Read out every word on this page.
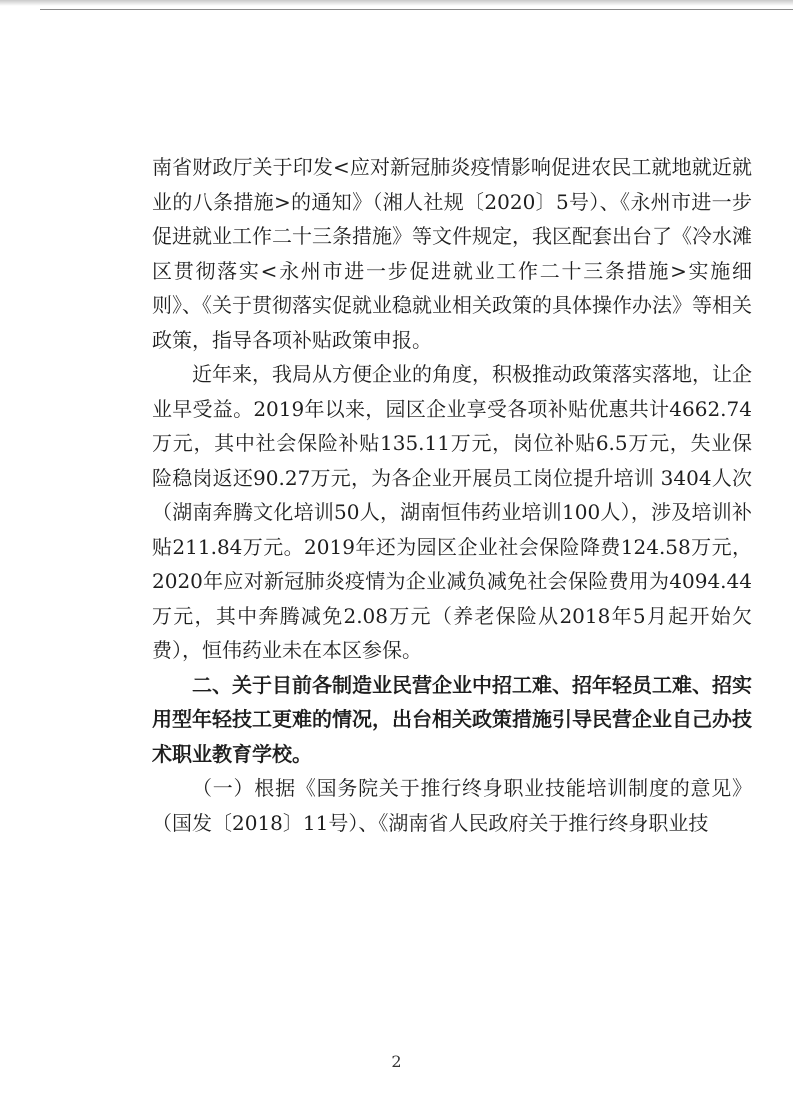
南省财政厅关于印发<应对新冠肺炎疫情影响促进农民工就地就近就业的八条措施>的通知》（湘人社规〔2020〕5号）、《永州市进一步促进就业工作二十三条措施》等文件规定，我区配套出台了《冷水滩区贯彻落实<永州市进一步促进就业工作二十三条措施>实施细则》、《关于贯彻落实促就业稳就业相关政策的具体操作办法》等相关政策，指导各项补贴政策申报。

近年来，我局从方便企业的角度，积极推动政策落实落地，让企业早受益。2019年以来，园区企业享受各项补贴优惠共计4662.74万元，其中社会保险补贴135.11万元，岗位补贴6.5万元，失业保险稳岗返还90.27万元，为各企业开展员工岗位提升培训 3404人次（湖南奔腾文化培训50人，湖南恒伟药业培训100人），涉及培训补贴211.84万元。2019年还为园区企业社会保险降费124.58万元，2020年应对新冠肺炎疫情为企业减负减免社会保险费用为4094.44万元，其中奔腾减免2.08万元（养老保险从2018年5月起开始欠费），恒伟药业未在本区参保。

二、关于目前各制造业民营企业中招工难、招年轻员工难、招实用型年轻技工更难的情况，出台相关政策措施引导民营企业自己办技术职业教育学校。

（一）根据《国务院关于推行终身职业技能培训制度的意见》（国发〔2018〕11号）、《湖南省人民政府关于推行终身职业技

2
